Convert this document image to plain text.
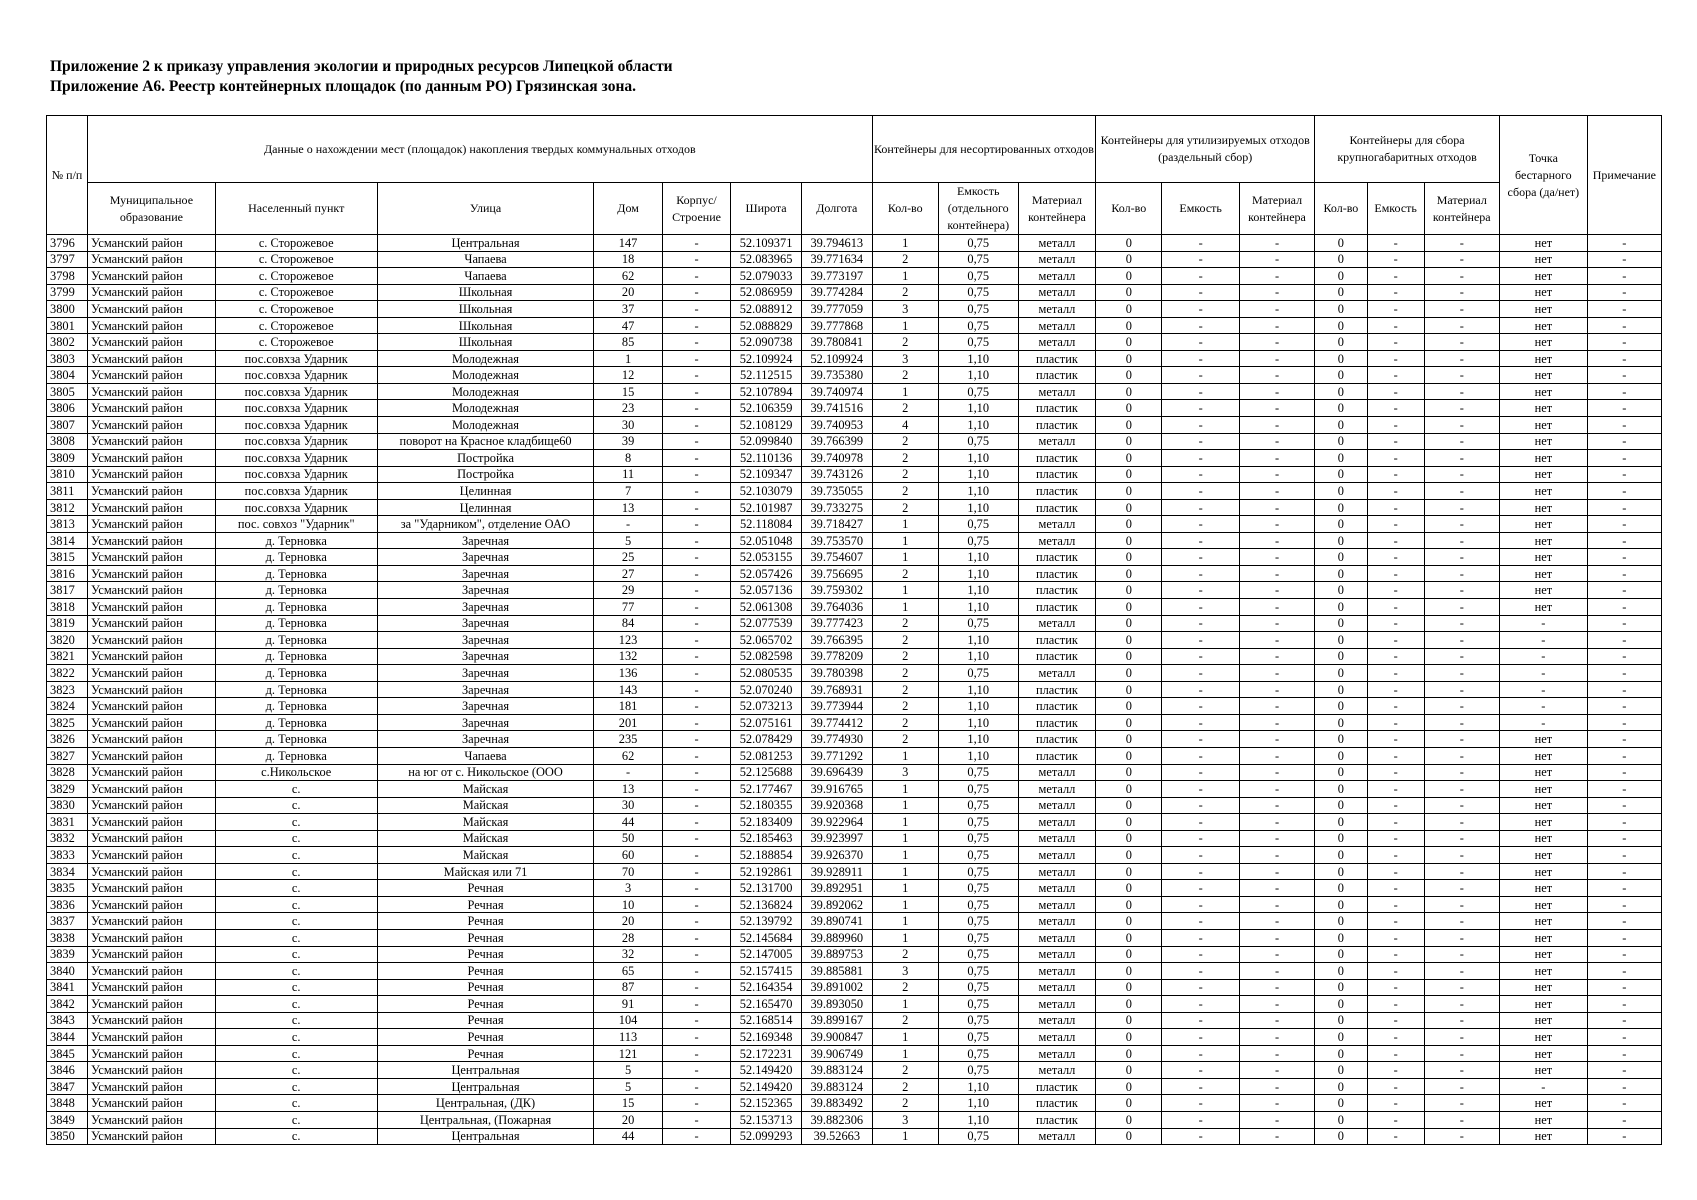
Приложение 2 к приказу управления экологии и природных ресурсов Липецкой области
Приложение А6. Реестр контейнерных площадок (по данным РО) Грязинская зона.
№ п/п	Данные о нахождении мест (площадок) накопления твердых коммунальных отходов							Контейнеры для несортированных отходов			Контейнеры для утилизируемых отходов (раздельный сбор)			Контейнеры для сбора крупногабаритных отходов			Точка бестарного сбора (да/нет)	Примечание
	Муниципальное образование	Населенный пункт	Улица	Дом	Корпус/ Строение	Широта	Долгота	Кол-во	Емкость (отдельного контейнера)	Материал контейнера	Кол-во	Емкость	Материал контейнера	Кол-во	Емкость	Материал контейнера		
3796	Усманский район	с. Сторожевое	Центральная	147	-	52.109371	39.794613	1	0,75	металл	0	-	-	0	-	-	нет	-
3797	Усманский район	с. Сторожевое	Чапаева	18	-	52.083965	39.771634	2	0,75	металл	0	-	-	0	-	-	нет	-
3798	Усманский район	с. Сторожевое	Чапаева	62	-	52.079033	39.773197	1	0,75	металл	0	-	-	0	-	-	нет	-
3799	Усманский район	с. Сторожевое	Школьная	20	-	52.086959	39.774284	2	0,75	металл	0	-	-	0	-	-	нет	-
3800	Усманский район	с. Сторожевое	Школьная	37	-	52.088912	39.777059	3	0,75	металл	0	-	-	0	-	-	нет	-
3801	Усманский район	с. Сторожевое	Школьная	47	-	52.088829	39.777868	1	0,75	металл	0	-	-	0	-	-	нет	-
3802	Усманский район	с. Сторожевое	Школьная	85	-	52.090738	39.780841	2	0,75	металл	0	-	-	0	-	-	нет	-
3803	Усманский район	пос.совхза Ударник	Молодежная	1	-	52.109924	52.109924	3	1,10	пластик	0	-	-	0	-	-	нет	-
3804	Усманский район	пос.совхза Ударник	Молодежная	12	-	52.112515	39.735380	2	1,10	пластик	0	-	-	0	-	-	нет	-
3805	Усманский район	пос.совхза Ударник	Молодежная	15	-	52.107894	39.740974	1	0,75	металл	0	-	-	0	-	-	нет	-
3806	Усманский район	пос.совхза Ударник	Молодежная	23	-	52.106359	39.741516	2	1,10	пластик	0	-	-	0	-	-	нет	-
3807	Усманский район	пос.совхза Ударник	Молодежная	30	-	52.108129	39.740953	4	1,10	пластик	0	-	-	0	-	-	нет	-
3808	Усманский район	пос.совхза Ударник	поворот на Красное кладбище60	39	-	52.099840	39.766399	2	0,75	металл	0	-	-	0	-	-	нет	-
3809	Усманский район	пос.совхза Ударник	Постройка	8	-	52.110136	39.740978	2	1,10	пластик	0	-	-	0	-	-	нет	-
3810	Усманский район	пос.совхза Ударник	Постройка	11	-	52.109347	39.743126	2	1,10	пластик	0	-	-	0	-	-	нет	-
3811	Усманский район	пос.совхза Ударник	Целинная	7	-	52.103079	39.735055	2	1,10	пластик	0	-	-	0	-	-	нет	-
3812	Усманский район	пос.совхза Ударник	Целинная	13	-	52.101987	39.733275	2	1,10	пластик	0	-	-	0	-	-	нет	-
3813	Усманский район	пос. совхоз "Ударник"	за "Ударником", отделение ОАО	-	-	52.118084	39.718427	1	0,75	металл	0	-	-	0	-	-	нет	-
3814	Усманский район	д. Терновка	Заречная	5	-	52.051048	39.753570	1	0,75	металл	0	-	-	0	-	-	нет	-
3815	Усманский район	д. Терновка	Заречная	25	-	52.053155	39.754607	1	1,10	пластик	0	-	-	0	-	-	нет	-
3816	Усманский район	д. Терновка	Заречная	27	-	52.057426	39.756695	2	1,10	пластик	0	-	-	0	-	-	нет	-
3817	Усманский район	д. Терновка	Заречная	29	-	52.057136	39.759302	1	1,10	пластик	0	-	-	0	-	-	нет	-
3818	Усманский район	д. Терновка	Заречная	77	-	52.061308	39.764036	1	1,10	пластик	0	-	-	0	-	-	нет	-
3819	Усманский район	д. Терновка	Заречная	84	-	52.077539	39.777423	2	0,75	металл	0	-	-	0	-	-	-	-
3820	Усманский район	д. Терновка	Заречная	123	-	52.065702	39.766395	2	1,10	пластик	0	-	-	0	-	-	-	-
3821	Усманский район	д. Терновка	Заречная	132	-	52.082598	39.778209	2	1,10	пластик	0	-	-	0	-	-	-	-
3822	Усманский район	д. Терновка	Заречная	136	-	52.080535	39.780398	2	0,75	металл	0	-	-	0	-	-	-	-
3823	Усманский район	д. Терновка	Заречная	143	-	52.070240	39.768931	2	1,10	пластик	0	-	-	0	-	-	-	-
3824	Усманский район	д. Терновка	Заречная	181	-	52.073213	39.773944	2	1,10	пластик	0	-	-	0	-	-	-	-
3825	Усманский район	д. Терновка	Заречная	201	-	52.075161	39.774412	2	1,10	пластик	0	-	-	0	-	-	-	-
3826	Усманский район	д. Терновка	Заречная	235	-	52.078429	39.774930	2	1,10	пластик	0	-	-	0	-	-	нет	-
3827	Усманский район	д. Терновка	Чапаева	62	-	52.081253	39.771292	1	1,10	пластик	0	-	-	0	-	-	нет	-
3828	Усманский район	с.Никольское	на юг от с. Никольское (ООО	-	-	52.125688	39.696439	3	0,75	металл	0	-	-	0	-	-	нет	-
3829	Усманский район	с.	Майская	13	-	52.177467	39.916765	1	0,75	металл	0	-	-	0	-	-	нет	-
3830	Усманский район	с.	Майская	30	-	52.180355	39.920368	1	0,75	металл	0	-	-	0	-	-	нет	-
3831	Усманский район	с.	Майская	44	-	52.183409	39.922964	1	0,75	металл	0	-	-	0	-	-	нет	-
3832	Усманский район	с.	Майская	50	-	52.185463	39.923997	1	0,75	металл	0	-	-	0	-	-	нет	-
3833	Усманский район	с.	Майская	60	-	52.188854	39.926370	1	0,75	металл	0	-	-	0	-	-	нет	-
3834	Усманский район	с.	Майская или 71	70	-	52.192861	39.928911	1	0,75	металл	0	-	-	0	-	-	нет	-
3835	Усманский район	с.	Речная	3	-	52.131700	39.892951	1	0,75	металл	0	-	-	0	-	-	нет	-
3836	Усманский район	с.	Речная	10	-	52.136824	39.892062	1	0,75	металл	0	-	-	0	-	-	нет	-
3837	Усманский район	с.	Речная	20	-	52.139792	39.890741	1	0,75	металл	0	-	-	0	-	-	нет	-
3838	Усманский район	с.	Речная	28	-	52.145684	39.889960	1	0,75	металл	0	-	-	0	-	-	нет	-
3839	Усманский район	с.	Речная	32	-	52.147005	39.889753	2	0,75	металл	0	-	-	0	-	-	нет	-
3840	Усманский район	с.	Речная	65	-	52.157415	39.885881	3	0,75	металл	0	-	-	0	-	-	нет	-
3841	Усманский район	с.	Речная	87	-	52.164354	39.891002	2	0,75	металл	0	-	-	0	-	-	нет	-
3842	Усманский район	с.	Речная	91	-	52.165470	39.893050	1	0,75	металл	0	-	-	0	-	-	нет	-
3843	Усманский район	с.	Речная	104	-	52.168514	39.899167	2	0,75	металл	0	-	-	0	-	-	нет	-
3844	Усманский район	с.	Речная	113	-	52.169348	39.900847	1	0,75	металл	0	-	-	0	-	-	нет	-
3845	Усманский район	с.	Речная	121	-	52.172231	39.906749	1	0,75	металл	0	-	-	0	-	-	нет	-
3846	Усманский район	с.	Центральная	5	-	52.149420	39.883124	2	0,75	металл	0	-	-	0	-	-	нет	-
3847	Усманский район	с.	Центральная	5	-	52.149420	39.883124	2	1,10	пластик	0	-	-	0	-	-	-	-
3848	Усманский район	с.	Центральная, (ДК)	15	-	52.152365	39.883492	2	1,10	пластик	0	-	-	0	-	-	нет	-
3849	Усманский район	с.	Центральная, (Пожарная	20	-	52.153713	39.882306	3	1,10	пластик	0	-	-	0	-	-	нет	-
3850	Усманский район	с.	Центральная	44	-	52.099293	39.52663	1	0,75	металл	0	-	-	0	-	-	нет	-
